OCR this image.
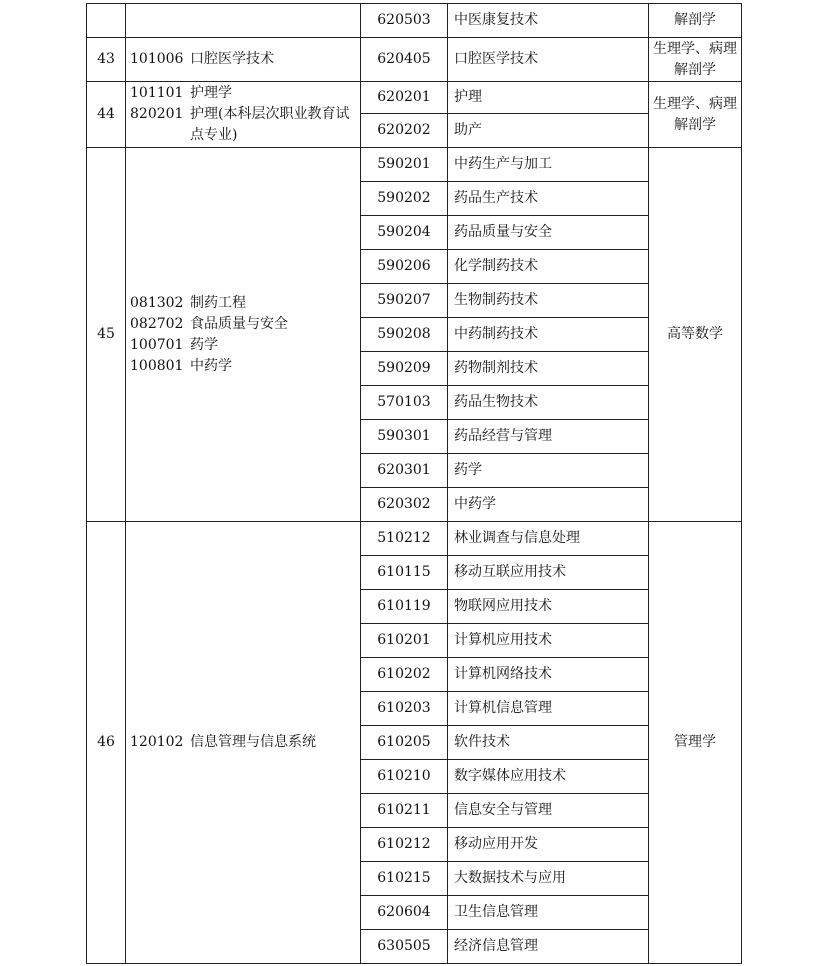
620503 中医康复技术	解剖学
43 101006 口腔医学技术	620405 口腔医学技术
生理学、病理
解剖学
44
101101 护理学
820201 护理(本科层次职业教育试
点专业)
620201 护理
620202 助产
生理学、病理
解剖学
45
081302 制药工程
082702 食品质量与安全
100701 药学
100801 中药学
590201 中药生产与加工
590202 药品生产技术
590204 药品质量与安全
590206 化学制药技术
590207 生物制药技术
590208 中药制药技术
590209 药物制剂技术
570103 药品生物技术
590301 药品经营与管理
620301 药学
620302 中药学
高等数学
46 120102 信息管理与信息系统
510212 林业调查与信息处理
610115 移动互联应用技术
610119 物联网应用技术
610201 计算机应用技术
610202 计算机网络技术
610203 计算机信息管理
610205 软件技术
610210 数字媒体应用技术
610211 信息安全与管理
610212 移动应用开发
610215 大数据技术与应用
620604 卫生信息管理
630505 经济信息管理
管理学
